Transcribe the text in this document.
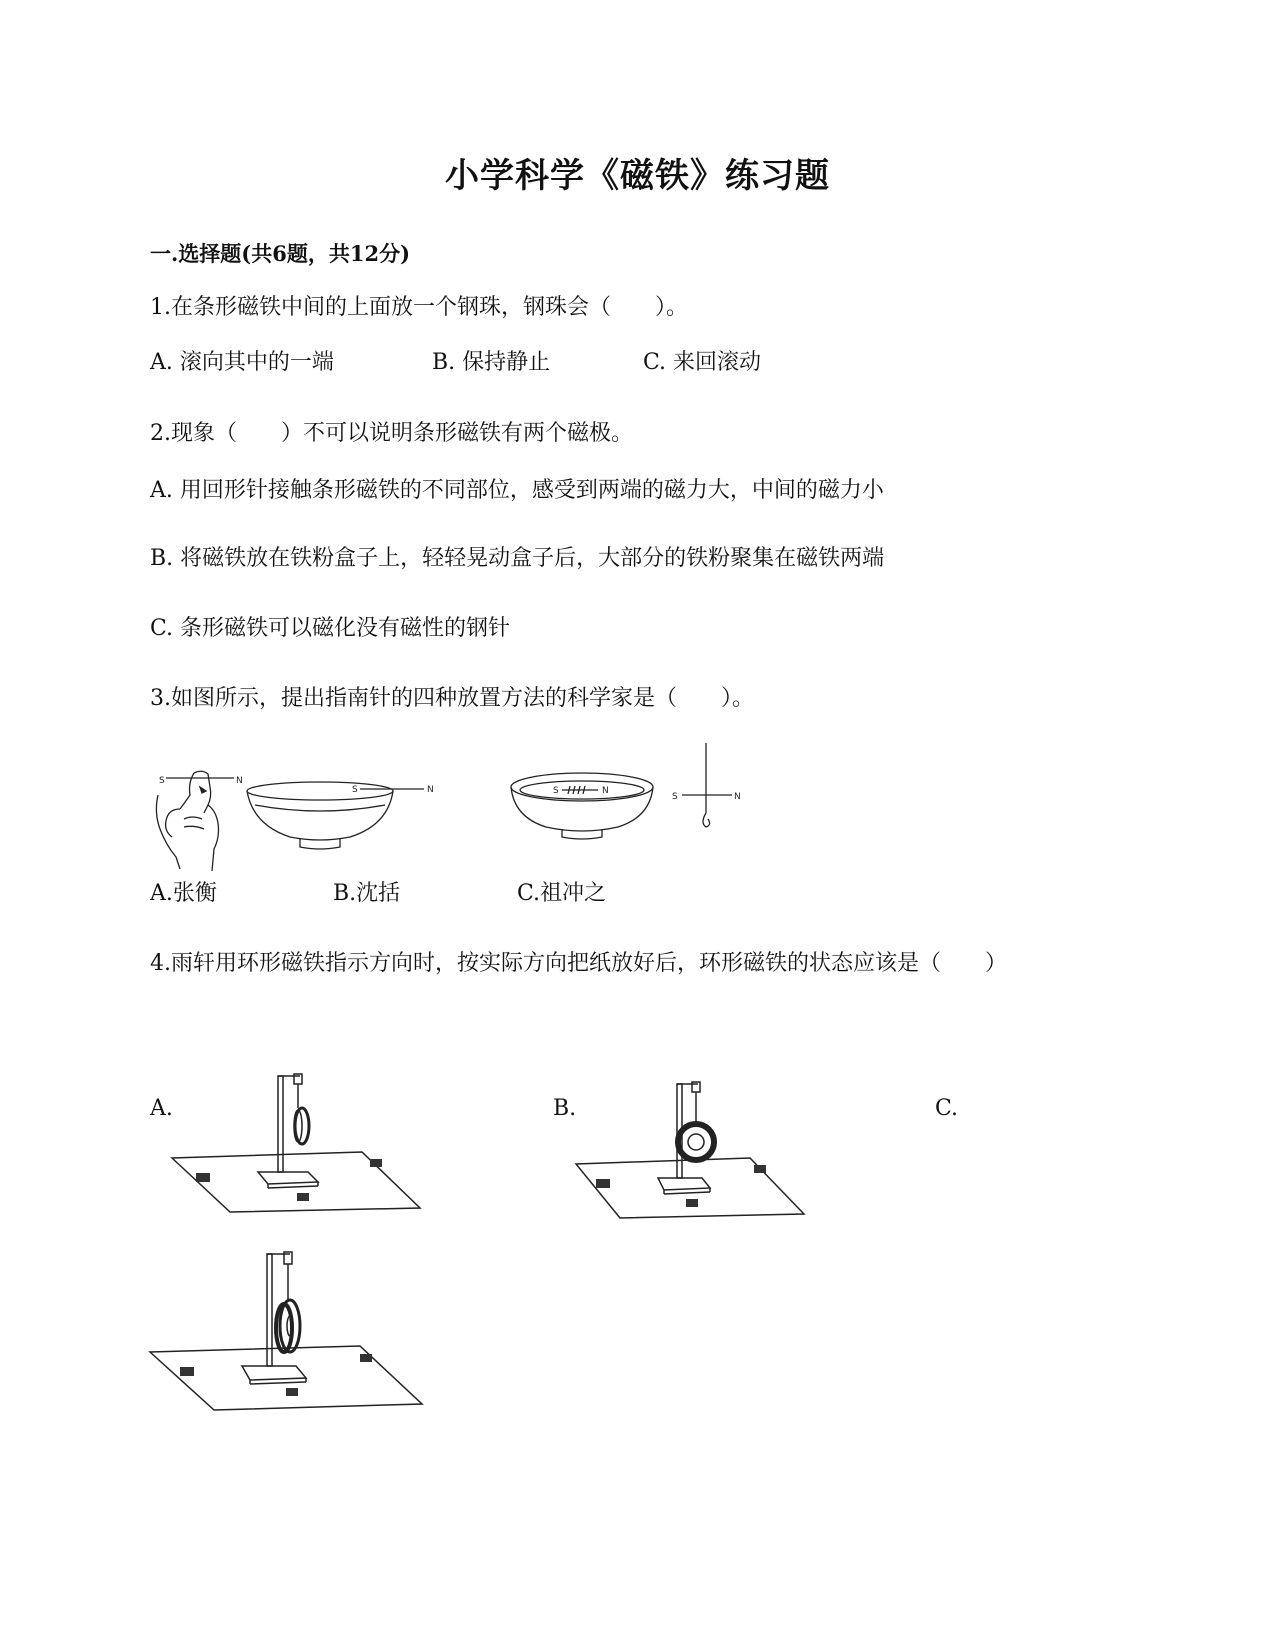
小学科学《磁铁》练习题
一.选择题(共6题，共12分)
1.在条形磁铁中间的上面放一个钢珠，钢珠会（　　）。
A. 滚向其中的一端	B. 保持静止	C. 来回滚动
2.现象（　　）不可以说明条形磁铁有两个磁极。
A. 用回形针接触条形磁铁的不同部位，感受到两端的磁力大，中间的磁力小
B. 将磁铁放在铁粉盒子上，轻轻晃动盒子后，大部分的铁粉聚集在磁铁两端
C. 条形磁铁可以磁化没有磁性的钢针
3.如图所示，提出指南针的四种放置方法的科学家是（　　）。
S	N
S	N	S	N
S	N
A.张衡	B.沈括	C.祖冲之
4.雨轩用环形磁铁指示方向时，按实际方向把纸放好后，环形磁铁的状态应该是（　　）
A.	B.	C.
